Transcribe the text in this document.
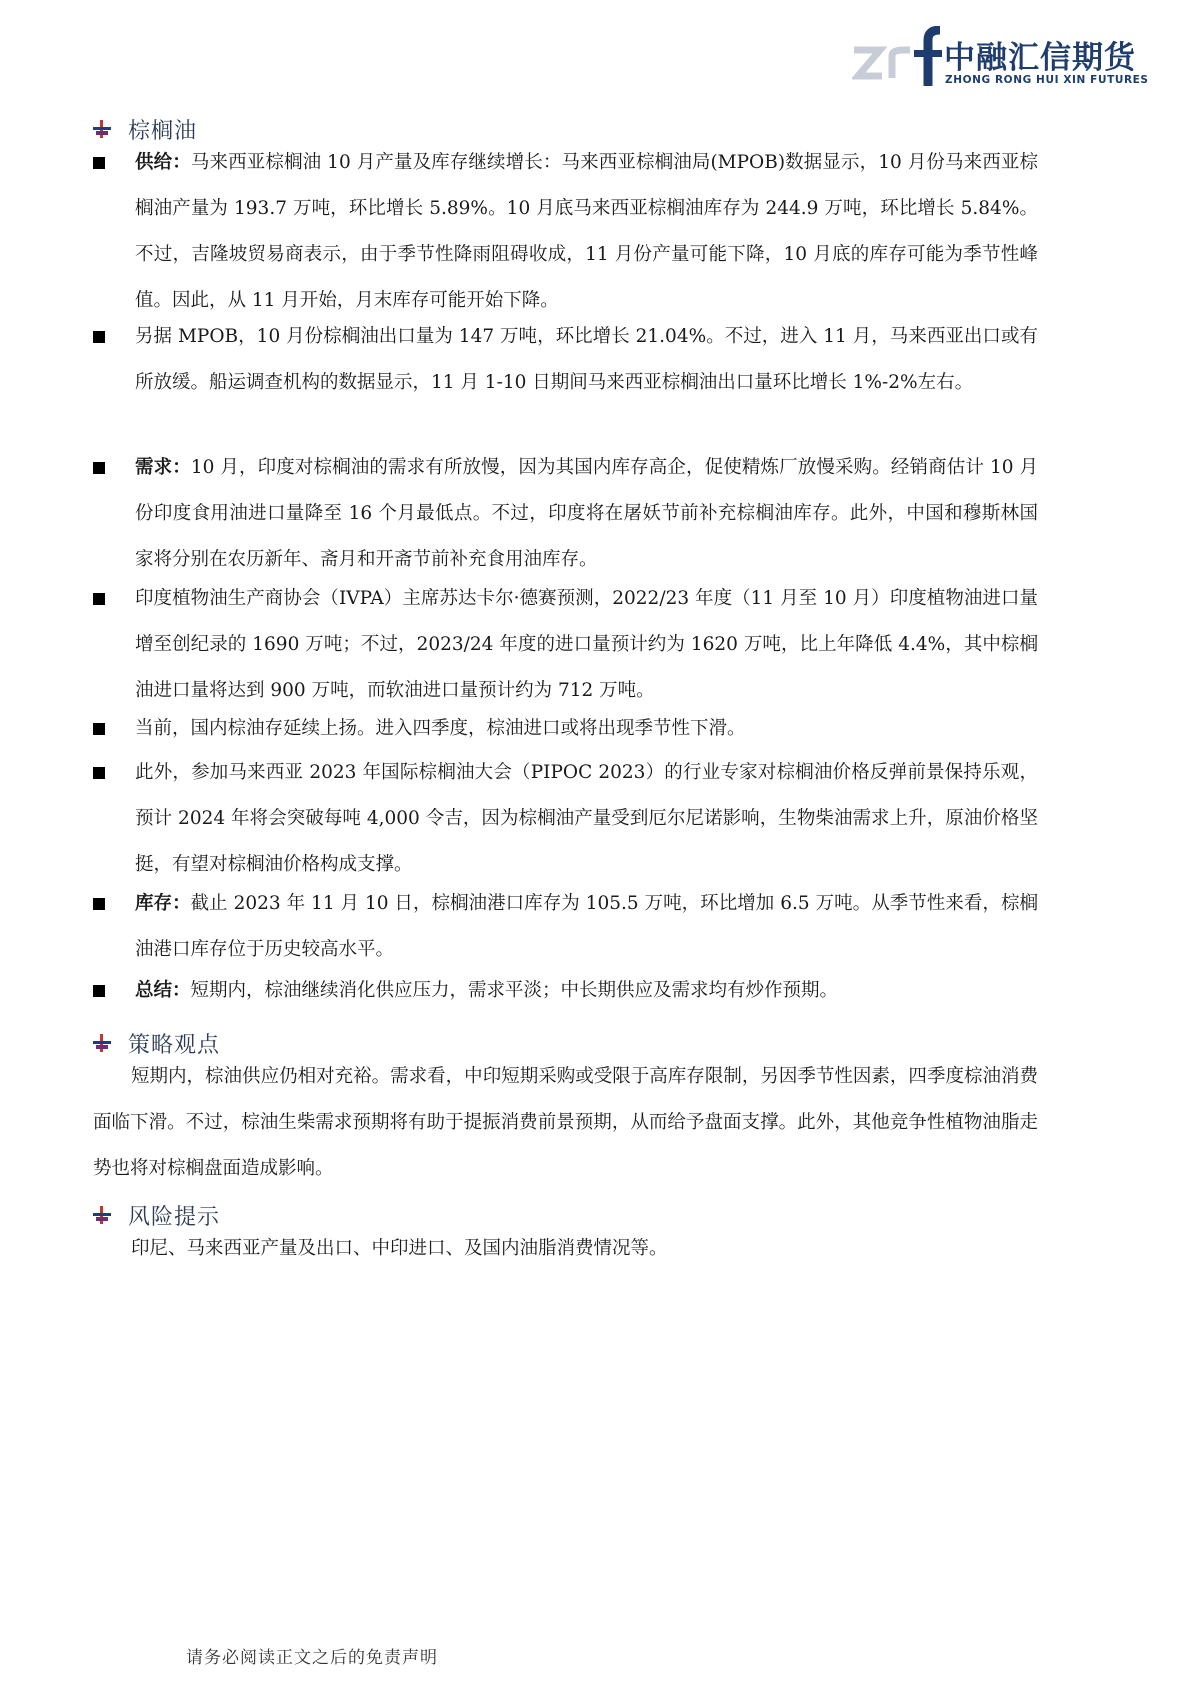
中融汇信期货
ZHONG RONG HUI XIN FUTURES
棕榈油
供给：马来西亚棕榈油 10 月产量及库存继续增长：马来西亚棕榈油局(MPOB)数据显示，10 月份马来西亚棕榈油产量为 193.7 万吨，环比增长 5.89%。10 月底马来西亚棕榈油库存为 244.9 万吨，环比增长 5.84%。不过，吉隆坡贸易商表示，由于季节性降雨阻碍收成，11 月份产量可能下降，10 月底的库存可能为季节性峰值。因此，从 11 月开始，月末库存可能开始下降。
另据 MPOB，10 月份棕榈油出口量为 147 万吨，环比增长 21.04%。不过，进入 11 月，马来西亚出口或有所放缓。船运调查机构的数据显示，11 月 1-10 日期间马来西亚棕榈油出口量环比增长 1%-2%左右。
需求：10 月，印度对棕榈油的需求有所放慢，因为其国内库存高企，促使精炼厂放慢采购。经销商估计 10 月份印度食用油进口量降至 16 个月最低点。不过，印度将在屠妖节前补充棕榈油库存。此外，中国和穆斯林国家将分别在农历新年、斋月和开斋节前补充食用油库存。
印度植物油生产商协会（IVPA）主席苏达卡尔·德赛预测，2022/23 年度（11 月至 10 月）印度植物油进口量增至创纪录的 1690 万吨；不过，2023/24 年度的进口量预计约为 1620 万吨，比上年降低 4.4%，其中棕榈油进口量将达到 900 万吨，而软油进口量预计约为 712 万吨。
当前，国内棕油存延续上扬。进入四季度，棕油进口或将出现季节性下滑。
此外，参加马来西亚 2023 年国际棕榈油大会（PIPOC 2023）的行业专家对棕榈油价格反弹前景保持乐观，预计 2024 年将会突破每吨 4,000 令吉，因为棕榈油产量受到厄尔尼诺影响，生物柴油需求上升，原油价格坚挺，有望对棕榈油价格构成支撑。
库存：截止 2023 年 11 月 10 日，棕榈油港口库存为 105.5 万吨，环比增加 6.5 万吨。从季节性来看，棕榈油港口库存位于历史较高水平。
总结：短期内，棕油继续消化供应压力，需求平淡；中长期供应及需求均有炒作预期。
策略观点
短期内，棕油供应仍相对充裕。需求看，中印短期采购或受限于高库存限制，另因季节性因素，四季度棕油消费面临下滑。不过，棕油生柴需求预期将有助于提振消费前景预期，从而给予盘面支撑。此外，其他竞争性植物油脂走势也将对棕榈盘面造成影响。
风险提示
印尼、马来西亚产量及出口、中印进口、及国内油脂消费情况等。
请务必阅读正文之后的免责声明
